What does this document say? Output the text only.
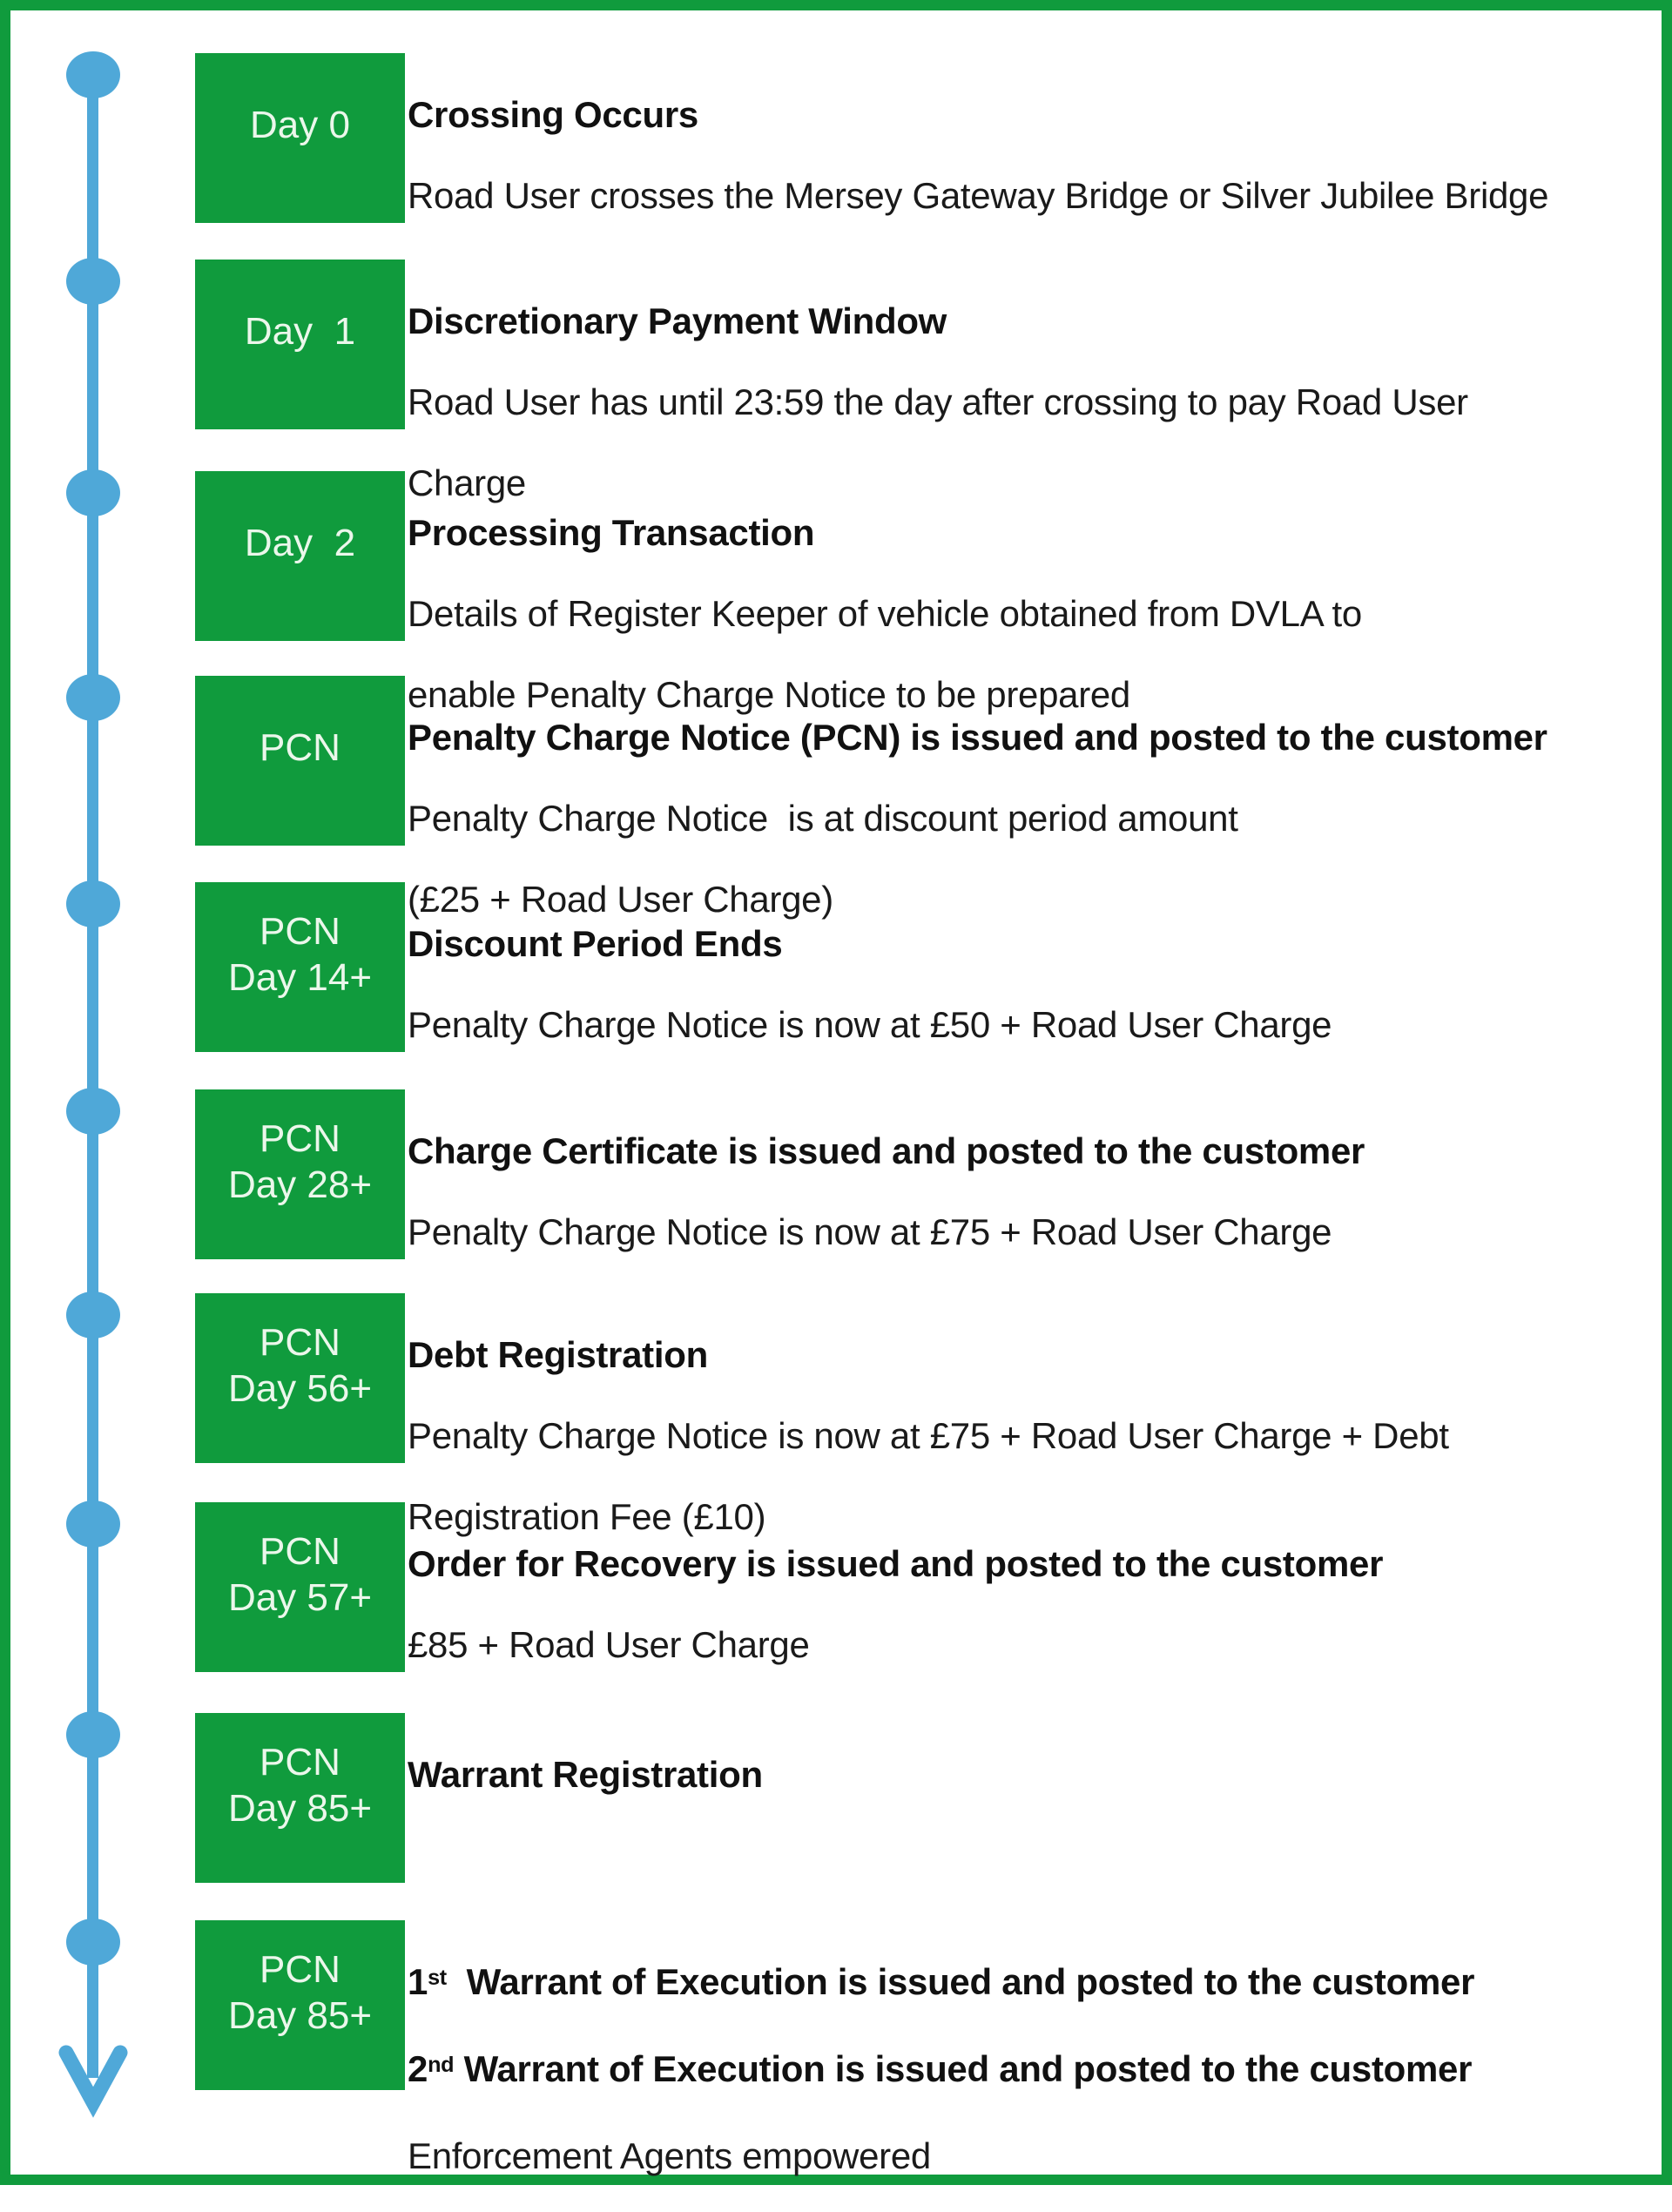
Day 0

Crossing Occurs

Road User crosses the Mersey Gateway Bridge or Silver Jubilee Bridge

Day  1

Discretionary Payment Window

Road User has until 23:59 the day after crossing to pay Road User

Charge

Day  2

Processing Transaction

Details of Register Keeper of vehicle obtained from DVLA to

enable Penalty Charge Notice to be prepared

PCN

Penalty Charge Notice (PCN) is issued and posted to the customer

Penalty Charge Notice  is at discount period amount

(£25 + Road User Charge)

PCN
Day 14+

Discount Period Ends

Penalty Charge Notice is now at £50 + Road User Charge

PCN
Day 28+

Charge Certificate is issued and posted to the customer

Penalty Charge Notice is now at £75 + Road User Charge

PCN
Day 56+

Debt Registration

Penalty Charge Notice is now at £75 + Road User Charge + Debt

Registration Fee (£10)

PCN
Day 57+

Order for Recovery is issued and posted to the customer

£85 + Road User Charge

PCN
Day 85+

Warrant Registration

PCN
Day 85+

1st  Warrant of Execution is issued and posted to the customer

2nd Warrant of Execution is issued and posted to the customer

Enforcement Agents empowered
